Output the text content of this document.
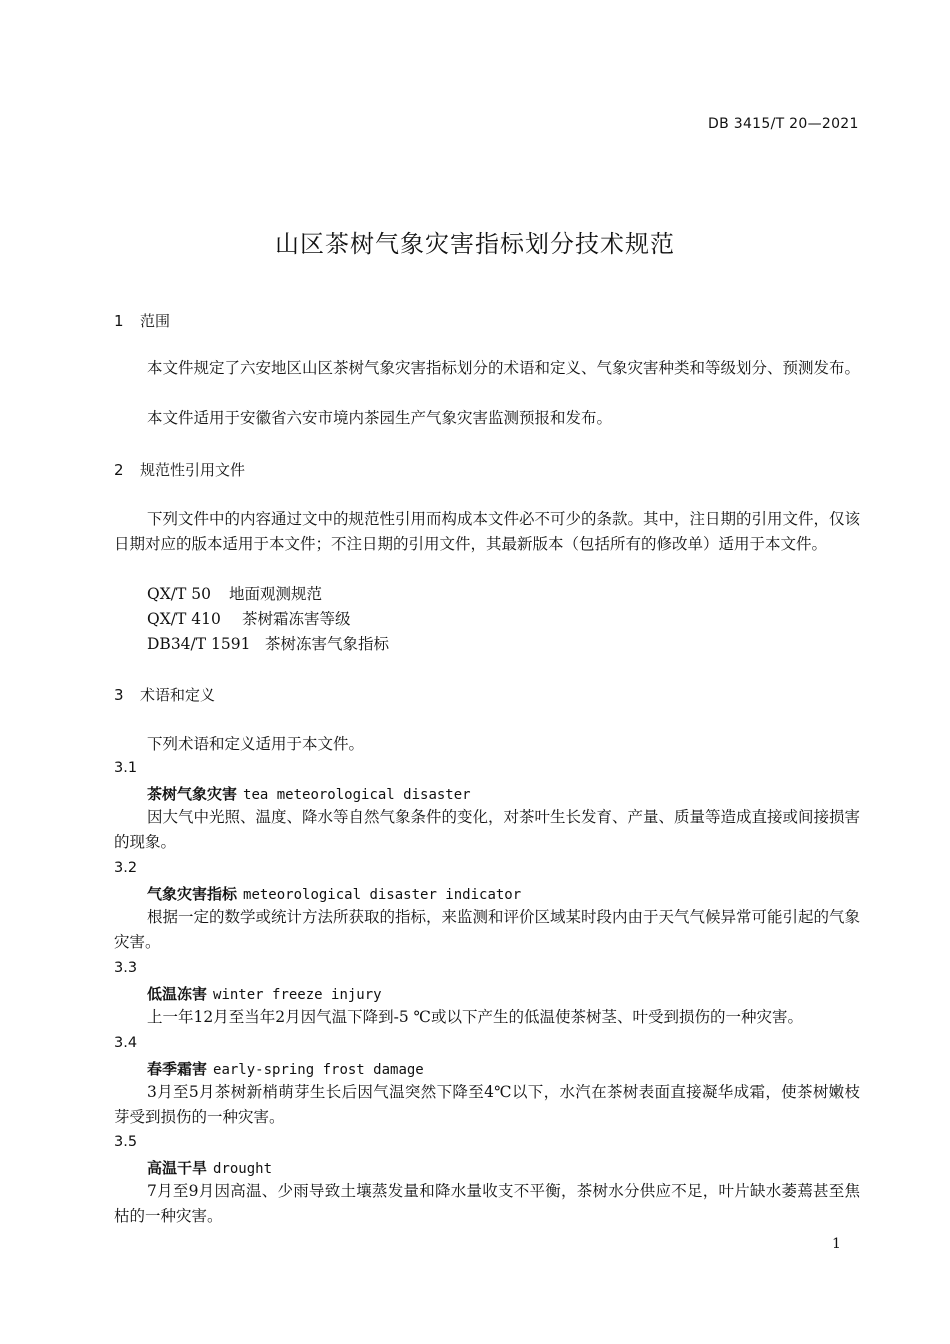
DB 3415/T 20—2021
山区茶树气象灾害指标划分技术规范
1 范围
本文件规定了六安地区山区茶树气象灾害指标划分的术语和定义、气象灾害种类和等级划分、预测发布。
本文件适用于安徽省六安市境内茶园生产气象灾害监测预报和发布。
2 规范性引用文件
下列文件中的内容通过文中的规范性引用而构成本文件必不可少的条款。其中，注日期的引用文件，仅该日期对应的版本适用于本文件；不注日期的引用文件，其最新版本（包括所有的修改单）适用于本文件。
QX/T 50 地面观测规范
QX/T 410 茶树霜冻害等级
DB34/T 1591 茶树冻害气象指标
3 术语和定义
下列术语和定义适用于本文件。
3.1
茶树气象灾害 tea meteorological disaster
因大气中光照、温度、降水等自然气象条件的变化，对茶叶生长发育、产量、质量等造成直接或间接损害的现象。
3.2
气象灾害指标 meteorological disaster indicator
根据一定的数学或统计方法所获取的指标，来监测和评价区域某时段内由于天气气候异常可能引起的气象灾害。
3.3
低温冻害 winter freeze injury
上一年12月至当年2月因气温下降到-5 ℃或以下产生的低温使茶树茎、叶受到损伤的一种灾害。
3.4
春季霜害 early-spring frost damage
3月至5月茶树新梢萌芽生长后因气温突然下降至4℃以下，水汽在茶树表面直接凝华成霜，使茶树嫩枝芽受到损伤的一种灾害。
3.5
高温干旱 drought
7月至9月因高温、少雨导致土壤蒸发量和降水量收支不平衡，茶树水分供应不足，叶片缺水萎蔫甚至焦枯的一种灾害。
1
